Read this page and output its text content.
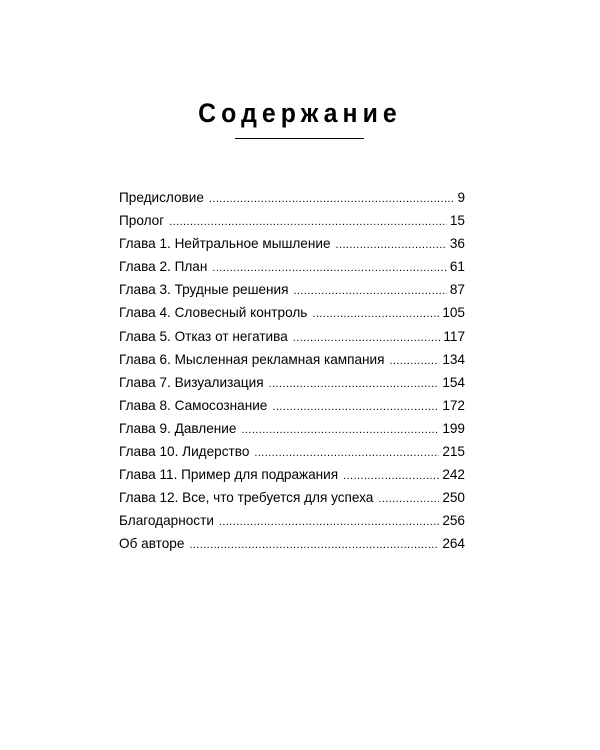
Содержание
Предисловие .....	9
Пролог .....	15
Глава 1. Нейтральное мышление .....	36
Глава 2. План .....	61
Глава 3. Трудные решения .....	87
Глава 4. Словесный контроль .....	105
Глава 5. Отказ от негатива .....	117
Глава 6. Мысленная рекламная кампания .....	134
Глава 7. Визуализация .....	154
Глава 8. Самосознание .....	172
Глава 9. Давление .....	199
Глава 10. Лидерство .....	215
Глава 11. Пример для подражания .....	242
Глава 12. Все, что требуется для успеха .....	250
Благодарности .....	256
Об авторе .....	264
